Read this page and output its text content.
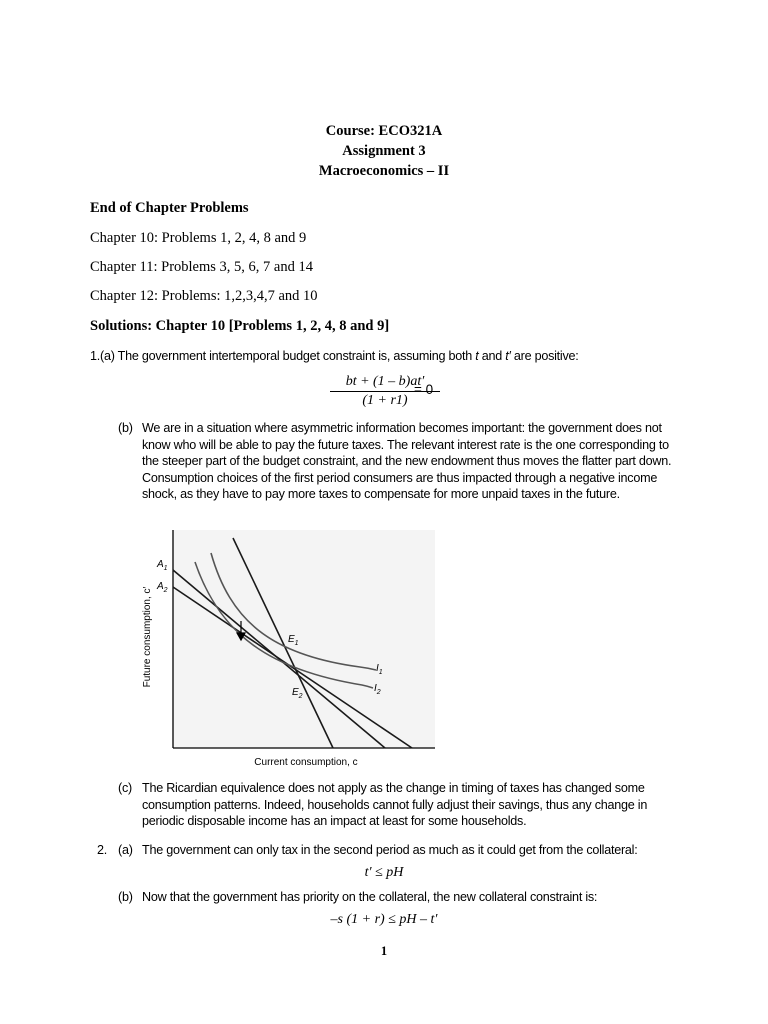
Course: ECO321A
Assignment 3
Macroeconomics – II
End of Chapter Problems
Chapter 10: Problems 1, 2, 4, 8 and 9
Chapter 11: Problems 3, 5, 6, 7 and 14
Chapter 12: Problems: 1,2,3,4,7 and 10
Solutions: Chapter 10 [Problems 1, 2, 4, 8 and 9]
1.(a) The government intertemporal budget constraint is, assuming both t and t′ are positive:
$\frac{bt + (1 - b)at'}{(1 + r1)}$
= 0
(b) We are in a situation where asymmetric information becomes important: the government does not know who will be able to pay the future taxes. The relevant interest rate is the one corresponding to the steeper part of the budget constraint, and the new endowment thus moves the flatter part down. Consumption choices of the first period consumers are thus impacted through a negative income shock, as they have to pay more taxes to compensate for more unpaid taxes in the future.
Future consumption, c′
Current consumption, c
$A_1$
$A_2$
$E_1$
$E_2$
$I_1$
$I_2$
(c) The Ricardian equivalence does not apply as the change in timing of taxes has changed some consumption patterns. Indeed, households cannot fully adjust their savings, thus any change in periodic disposable income has an impact at least for some households.
2. (a) The government can only tax in the second period as much as it could get from the collateral:
t′ ≤ pH
(b) Now that the government has priority on the collateral, the new collateral constraint is:
–s (1 + r) ≤ pH – t′
1
